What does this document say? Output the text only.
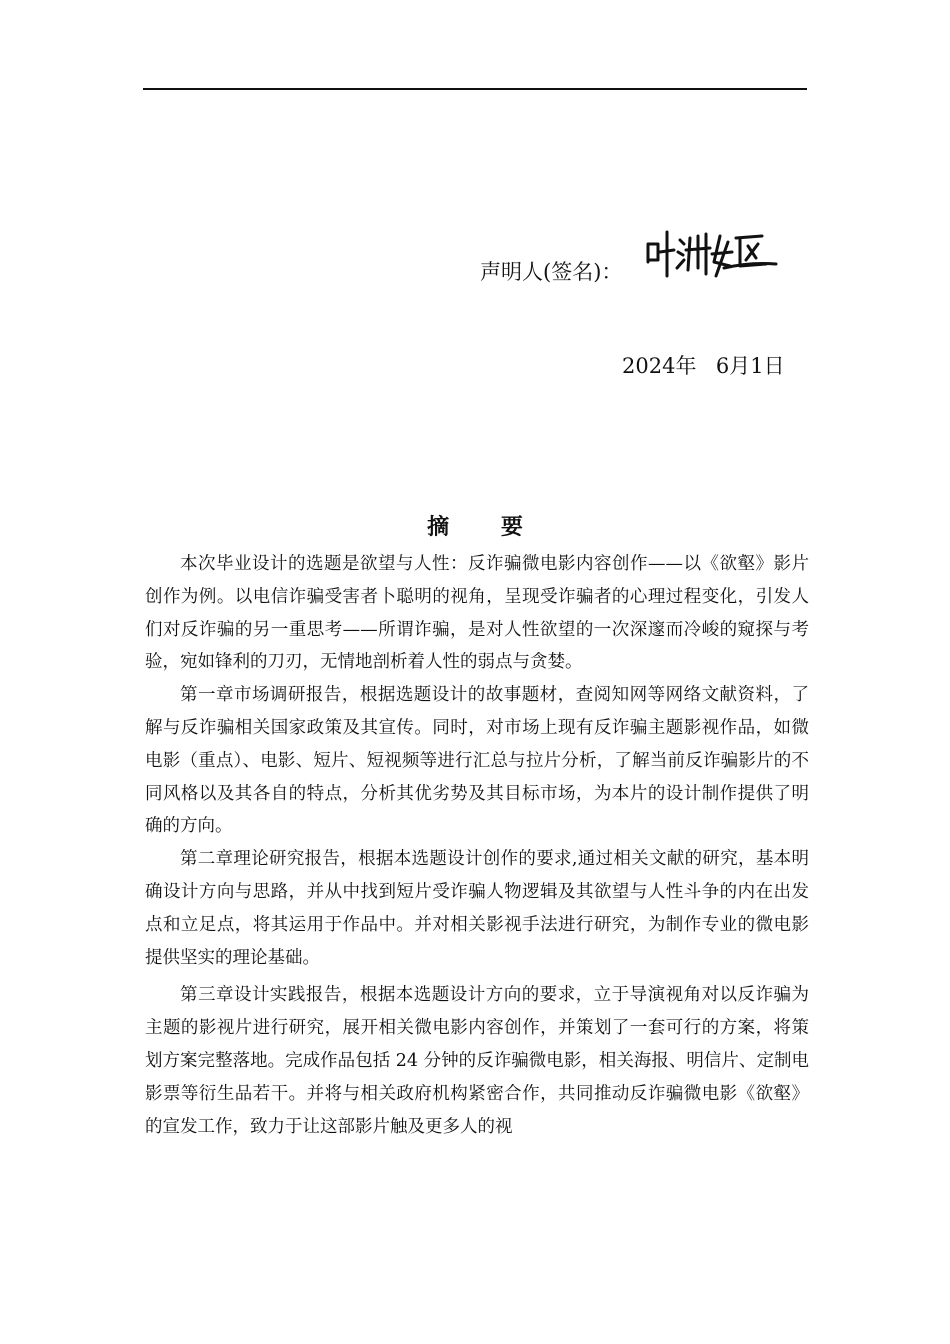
声明人(签名)：
2024年 6月1日
摘 要

本次毕业设计的选题是欲望与人性：反诈骗微电影内容创作——以《欲壑》影片创作为例。以电信诈骗受害者卜聪明的视角，呈现受诈骗者的心理过程变化，引发人们对反诈骗的另一重思考——所谓诈骗，是对人性欲望的一次深邃而冷峻的窥探与考验，宛如锋利的刀刃，无情地剖析着人性的弱点与贪婪。

第一章市场调研报告，根据选题设计的故事题材，查阅知网等网络文献资料，了解与反诈骗相关国家政策及其宣传。同时，对市场上现有反诈骗主题影视作品，如微电影（重点）、电影、短片、短视频等进行汇总与拉片分析，了解当前反诈骗影片的不同风格以及其各自的特点，分析其优劣势及其目标市场，为本片的设计制作提供了明确的方向。

第二章理论研究报告，根据本选题设计创作的要求,通过相关文献的研究，基本明确设计方向与思路，并从中找到短片受诈骗人物逻辑及其欲望与人性斗争的内在出发点和立足点，将其运用于作品中。并对相关影视手法进行研究，为制作专业的微电影提供坚实的理论基础。

第三章设计实践报告，根据本选题设计方向的要求，立于导演视角对以反诈骗为主题的影视片进行研究，展开相关微电影内容创作，并策划了一套可行的方案，将策划方案完整落地。完成作品包括 24 分钟的反诈骗微电影，相关海报、明信片、定制电影票等衍生品若干。并将与相关政府机构紧密合作，共同推动反诈骗微电影《欲壑》的宣发工作，致力于让这部影片触及更多人的视
